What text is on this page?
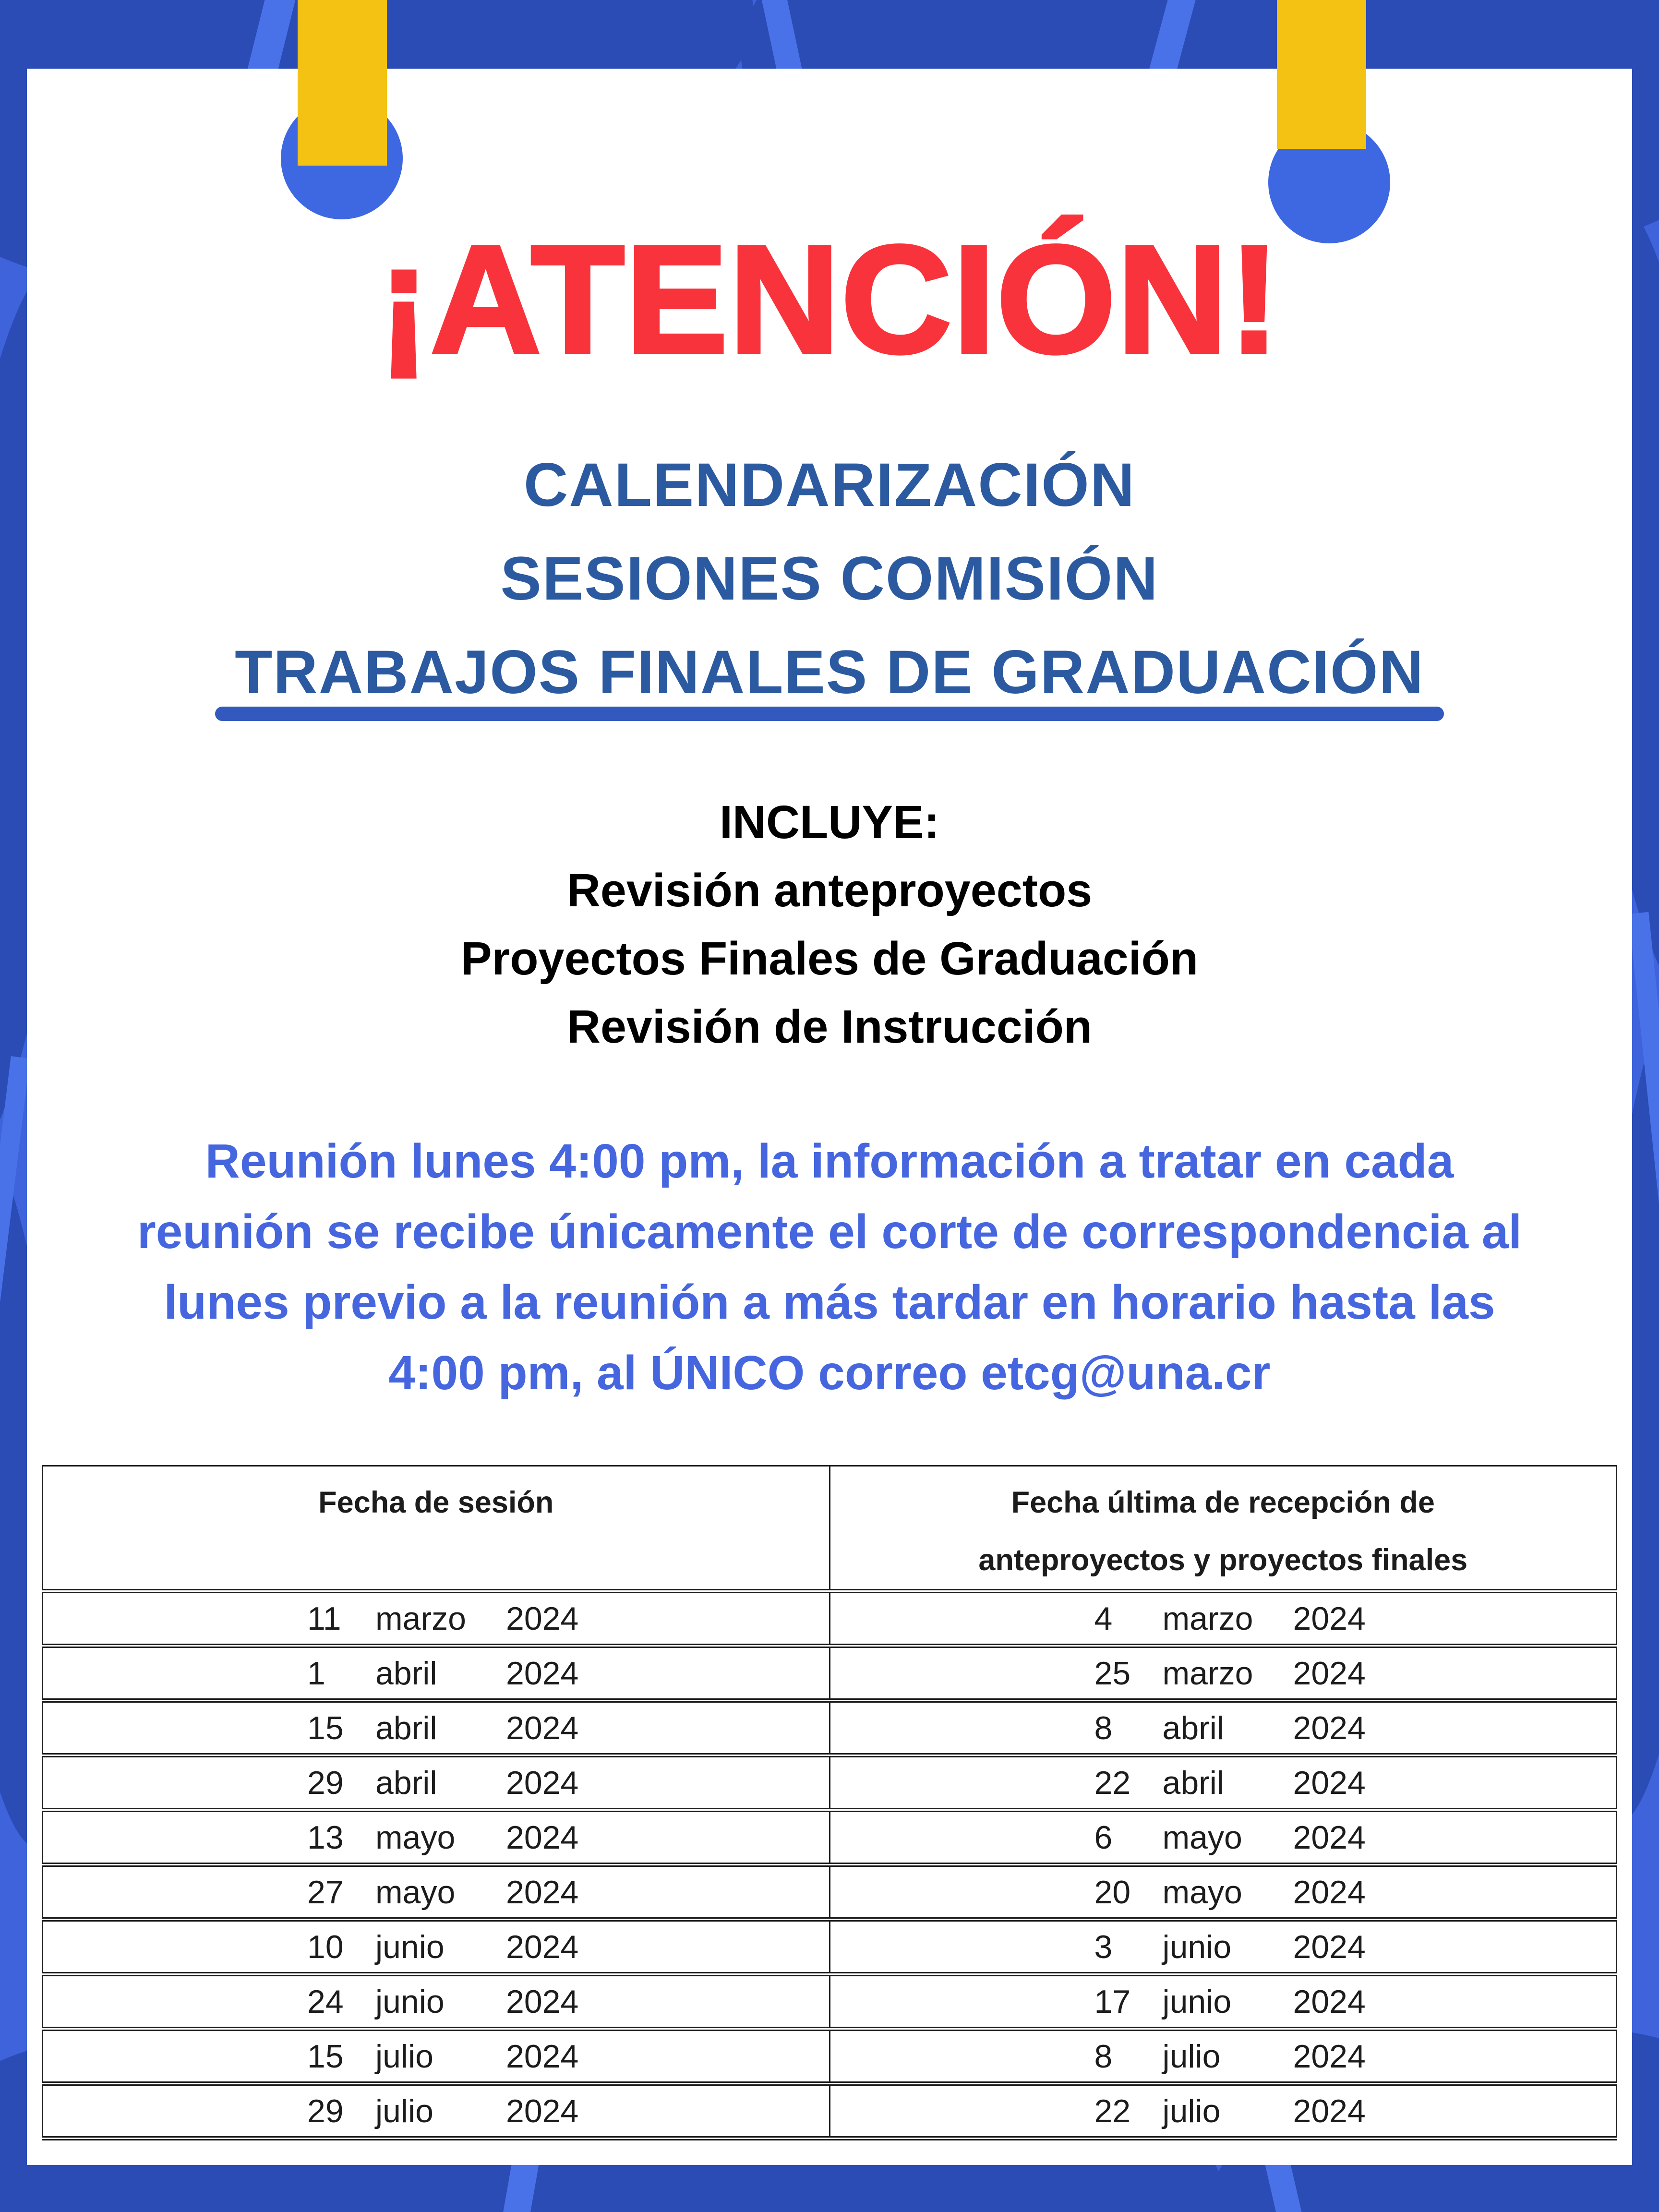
¡ATENCIÓN!
CALENDARIZACIÓN
SESIONES COMISIÓN
TRABAJOS FINALES DE GRADUACIÓN
INCLUYE:
Revisión anteproyectos
Proyectos Finales de Graduación
Revisión de Instrucción
Reunión lunes 4:00 pm, la información a tratar en cada
reunión se recibe únicamente el corte de correspondencia al
lunes previo a la reunión a más tardar en horario hasta las
4:00 pm, al ÚNICO correo etcg@una.cr
Fecha de sesión	Fecha última de recepción de anteproyectos y proyectos finales

11 marzo 2024	4 marzo 2024
1 abril 2024	25 marzo 2024
15 abril 2024	8 abril 2024
29 abril 2024	22 abril 2024
13 mayo 2024	6 mayo 2024
27 mayo 2024	20 mayo 2024
10 junio 2024	3 junio 2024
24 junio 2024	17 junio 2024
15 julio 2024	8 julio 2024
29 julio 2024	22 julio 2024
